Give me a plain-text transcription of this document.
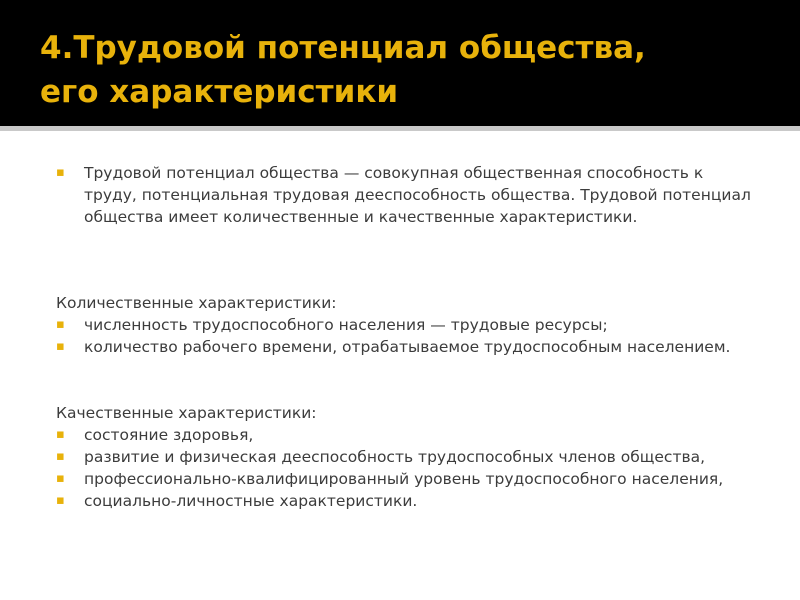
4.Трудовой потенциал общества,
его характеристики
▪	Трудовой потенциал общества — совокупная общественная способность к труду, потенциальная трудовая дееспособность общества. Трудовой потенциал общества имеет количественные и качественные характеристики.
Количественные характеристики:
▪	численность трудоспособного населения — трудовые ресурсы;
▪	количество рабочего времени, отрабатываемое трудоспособным населением.
Качественные характеристики:
▪	состояние здоровья,
▪	развитие и физическая дееспособность трудоспособных членов общества,
▪	профессионально-квалифицированный уровень трудоспособного населения,
▪	социально-личностные характеристики.
